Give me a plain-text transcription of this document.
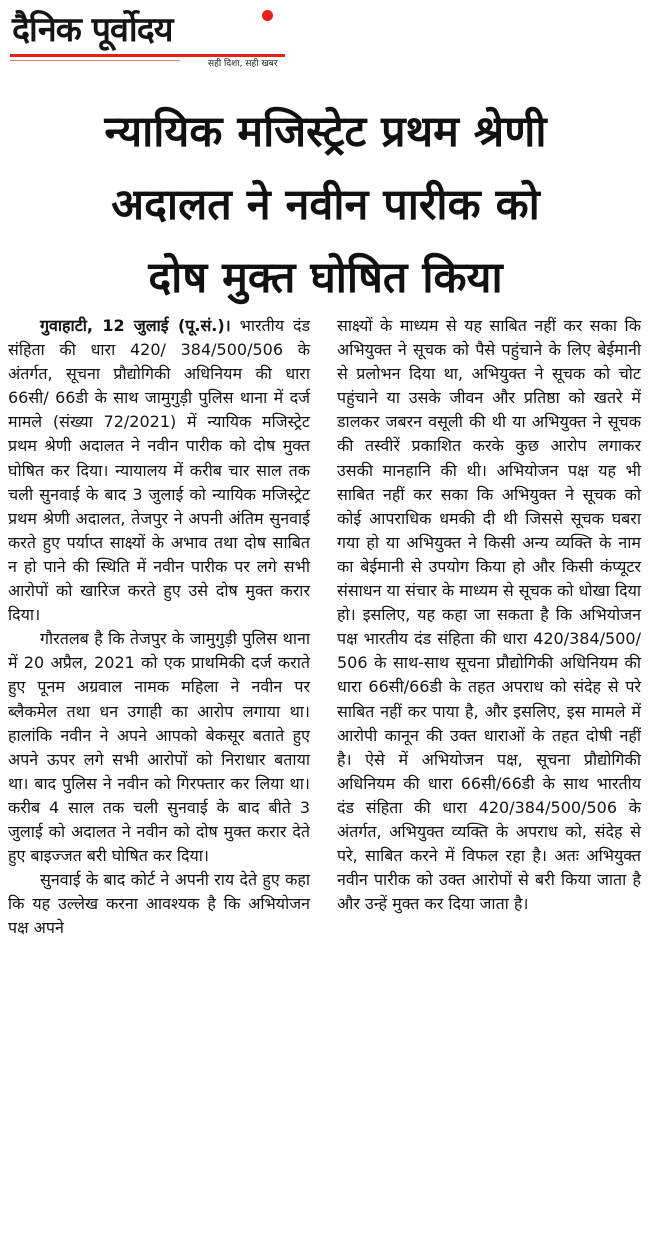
दैनिक पूर्वोदय
सही दिशा, सही खबर
न्यायिक मजिस्ट्रेट प्रथम श्रेणी
अदालत ने नवीन पारीक को
दोष मुक्त घोषित किया

गुवाहाटी, 12 जुलाई (पू.सं.)। भारतीय दंड संहिता की धारा 420/ 384/500/506 के अंतर्गत, सूचना प्रौद्योगिकी अधिनियम की धारा 66सी/ 66डी के साथ जामुगुड़ी पुलिस थाना में दर्ज मामले (संख्या 72/2021) में न्यायिक मजिस्ट्रेट प्रथम श्रेणी अदालत ने नवीन पारीक को दोष मुक्त घोषित कर दिया। न्यायालय में करीब चार साल तक चली सुनवाई के बाद 3 जुलाई को न्यायिक मजिस्ट्रेट प्रथम श्रेणी अदालत, तेजपुर ने अपनी अंतिम सुनवाई करते हुए पर्याप्त साक्ष्यों के अभाव तथा दोष साबित न हो पाने की स्थिति में नवीन पारीक पर लगे सभी आरोपों को खारिज करते हुए उसे दोष मुक्त करार दिया।

गौरतलब है कि तेजपुर के जामुगुड़ी पुलिस थाना में 20 अप्रैल, 2021 को एक प्राथमिकी दर्ज कराते हुए पूनम अग्रवाल नामक महिला ने नवीन पर ब्लैकमेल तथा धन उगाही का आरोप लगाया था। हालांकि नवीन ने अपने आपको बेकसूर बताते हुए अपने ऊपर लगे सभी आरोपों को निराधार बताया था। बाद पुलिस ने नवीन को गिरफ्तार कर लिया था। करीब 4 साल तक चली सुनवाई के बाद बीते 3 जुलाई को अदालत ने नवीन को दोष मुक्त करार देते हुए बाइज्जत बरी घोषित कर दिया।

सुनवाई के बाद कोर्ट ने अपनी राय देते हुए कहा कि यह उल्लेख करना आवश्यक है कि अभियोजन पक्ष अपने

साक्ष्यों के माध्यम से यह साबित नहीं कर सका कि अभियुक्त ने सूचक को पैसे पहुंचाने के लिए बेईमानी से प्रलोभन दिया था, अभियुक्त ने सूचक को चोट पहुंचाने या उसके जीवन और प्रतिष्ठा को खतरे में डालकर जबरन वसूली की थी या अभियुक्त ने सूचक की तस्वीरें प्रकाशित करके कुछ आरोप लगाकर उसकी मानहानि की थी। अभियोजन पक्ष यह भी साबित नहीं कर सका कि अभियुक्त ने सूचक को कोई आपराधिक धमकी दी थी जिससे सूचक घबरा गया हो या अभियुक्त ने किसी अन्य व्यक्ति के नाम का बेईमानी से उपयोग किया हो और किसी कंप्यूटर संसाधन या संचार के माध्यम से सूचक को धोखा दिया हो। इसलिए, यह कहा जा सकता है कि अभियोजन पक्ष भारतीय दंड संहिता की धारा 420/384/500/ 506 के साथ-साथ सूचना प्रौद्योगिकी अधिनियम की धारा 66सी/66डी के तहत अपराध को संदेह से परे साबित नहीं कर पाया है, और इसलिए, इस मामले में आरोपी कानून की उक्त धाराओं के तहत दोषी नहीं है। ऐसे में अभियोजन पक्ष, सूचना प्रौद्योगिकी अधिनियम की धारा 66सी/66डी के साथ भारतीय दंड संहिता की धारा 420/384/500/506 के अंतर्गत, अभियुक्त व्यक्ति के अपराध को, संदेह से परे, साबित करने में विफल रहा है। अतः अभियुक्त नवीन पारीक को उक्त आरोपों से बरी किया जाता है और उन्हें मुक्त कर दिया जाता है।
